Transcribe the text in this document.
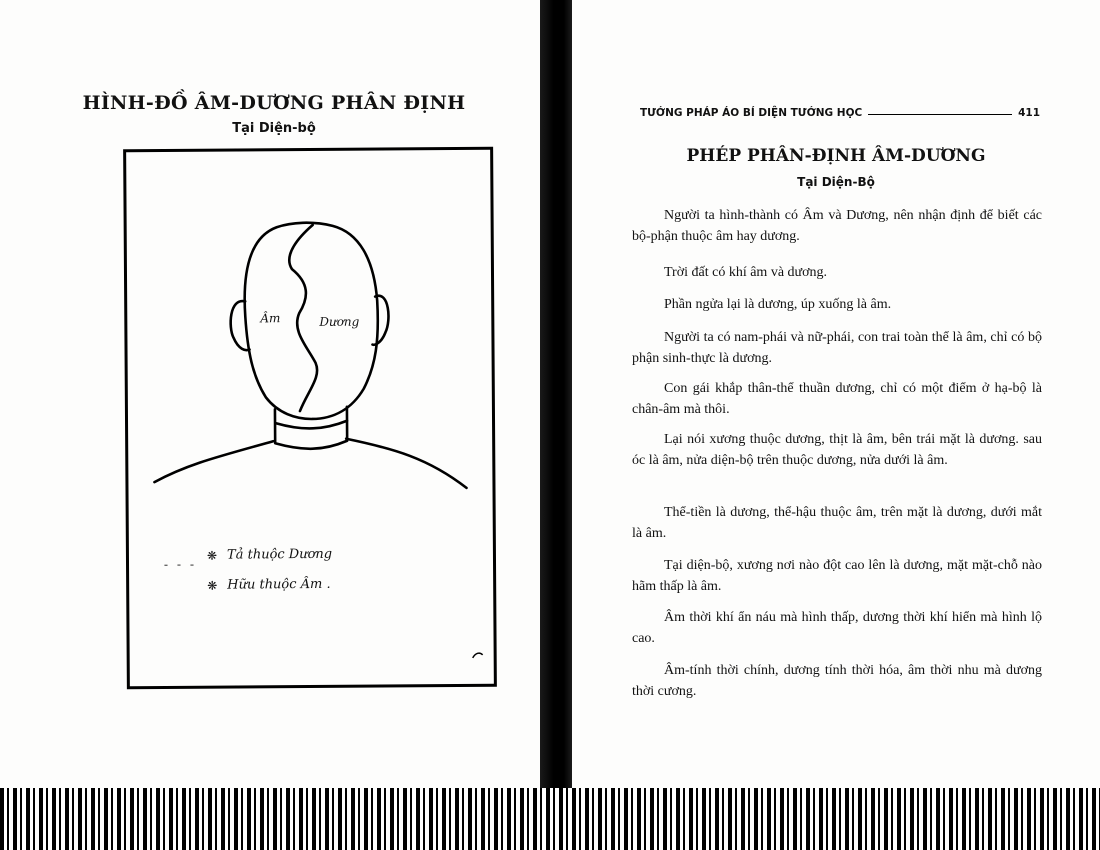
HÌNH-ĐỒ ÂM-DƯƠNG PHÂN ĐỊNH
Tại Diện-bộ
Âm	Dương
- - -
❋ Tả thuộc Dương
❋ Hữu thuộc Âm .
TƯỚNG PHÁP ÁO BÍ DIỆN TƯỚNG HỌC	411
PHÉP PHÂN-ĐỊNH ÂM-DƯƠNG
Tại Diện-Bộ

Người ta hình-thành có Âm và Dương, nên nhận định để biết các bộ-phận thuộc âm hay dương.

Trời đất có khí âm và dương.

Phần ngửa lại là dương, úp xuống là âm.

Người ta có nam-phái và nữ-phái, con trai toàn thể là âm, chỉ có bộ phận sinh-thực là dương.

Con gái khắp thân-thể thuần dương, chỉ có một điểm ở hạ-bộ là chân-âm mà thôi.

Lại nói xương thuộc dương, thịt là âm, bên trái mặt là dương. sau óc là âm, nửa diện-bộ trên thuộc dương, nửa dưới là âm.

Thể-tiền là dương, thể-hậu thuộc âm, trên mặt là dương, dưới mắt là âm.

Tại diện-bộ, xương nơi nào đột cao lên là dương, mặt mặt-chỗ nào hãm thấp là âm.

Âm thời khí ẩn náu mà hình thấp, dương thời khí hiển mà hình lộ cao.

Âm-tính thời chính, dương tính thời hóa, âm thời nhu mà dương thời cương.
